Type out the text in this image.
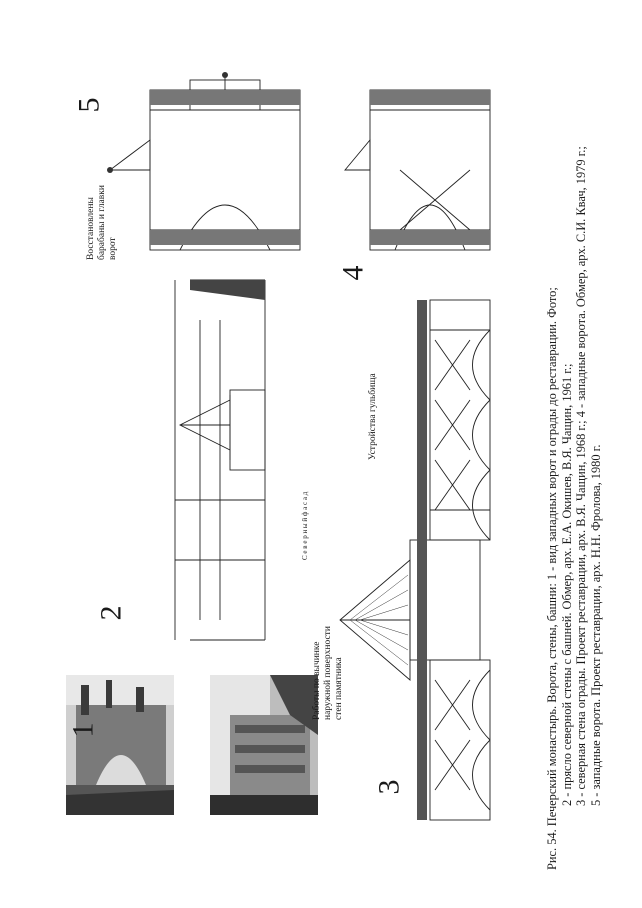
1
2
3
4
5
Восстановлены барабаны и главки ворот
Работы по вычинке наружной поверхности стен памятника
Устройства гульбища
С е в е р н ы й ф а с а д	Рис. 54. Печерский монастырь. Ворота, стены, башни: 1 - вид западных ворот и ограды до реставрации. Фото; 2 - прясло северной стены с башней. Обмер, арх. Е.А. Окишев, В.Я. Чащин, 1961 г.; 3 - северная стена ограды. Проект реставрации, арх. В.Я. Чащин, 1968 г.; 4 - западные ворота. Обмер, арх. С.И. Квач, 1979 г.; 5 - западные ворота. Проект реставрации, арх. Н.Н. Фролова, 1980 г.
